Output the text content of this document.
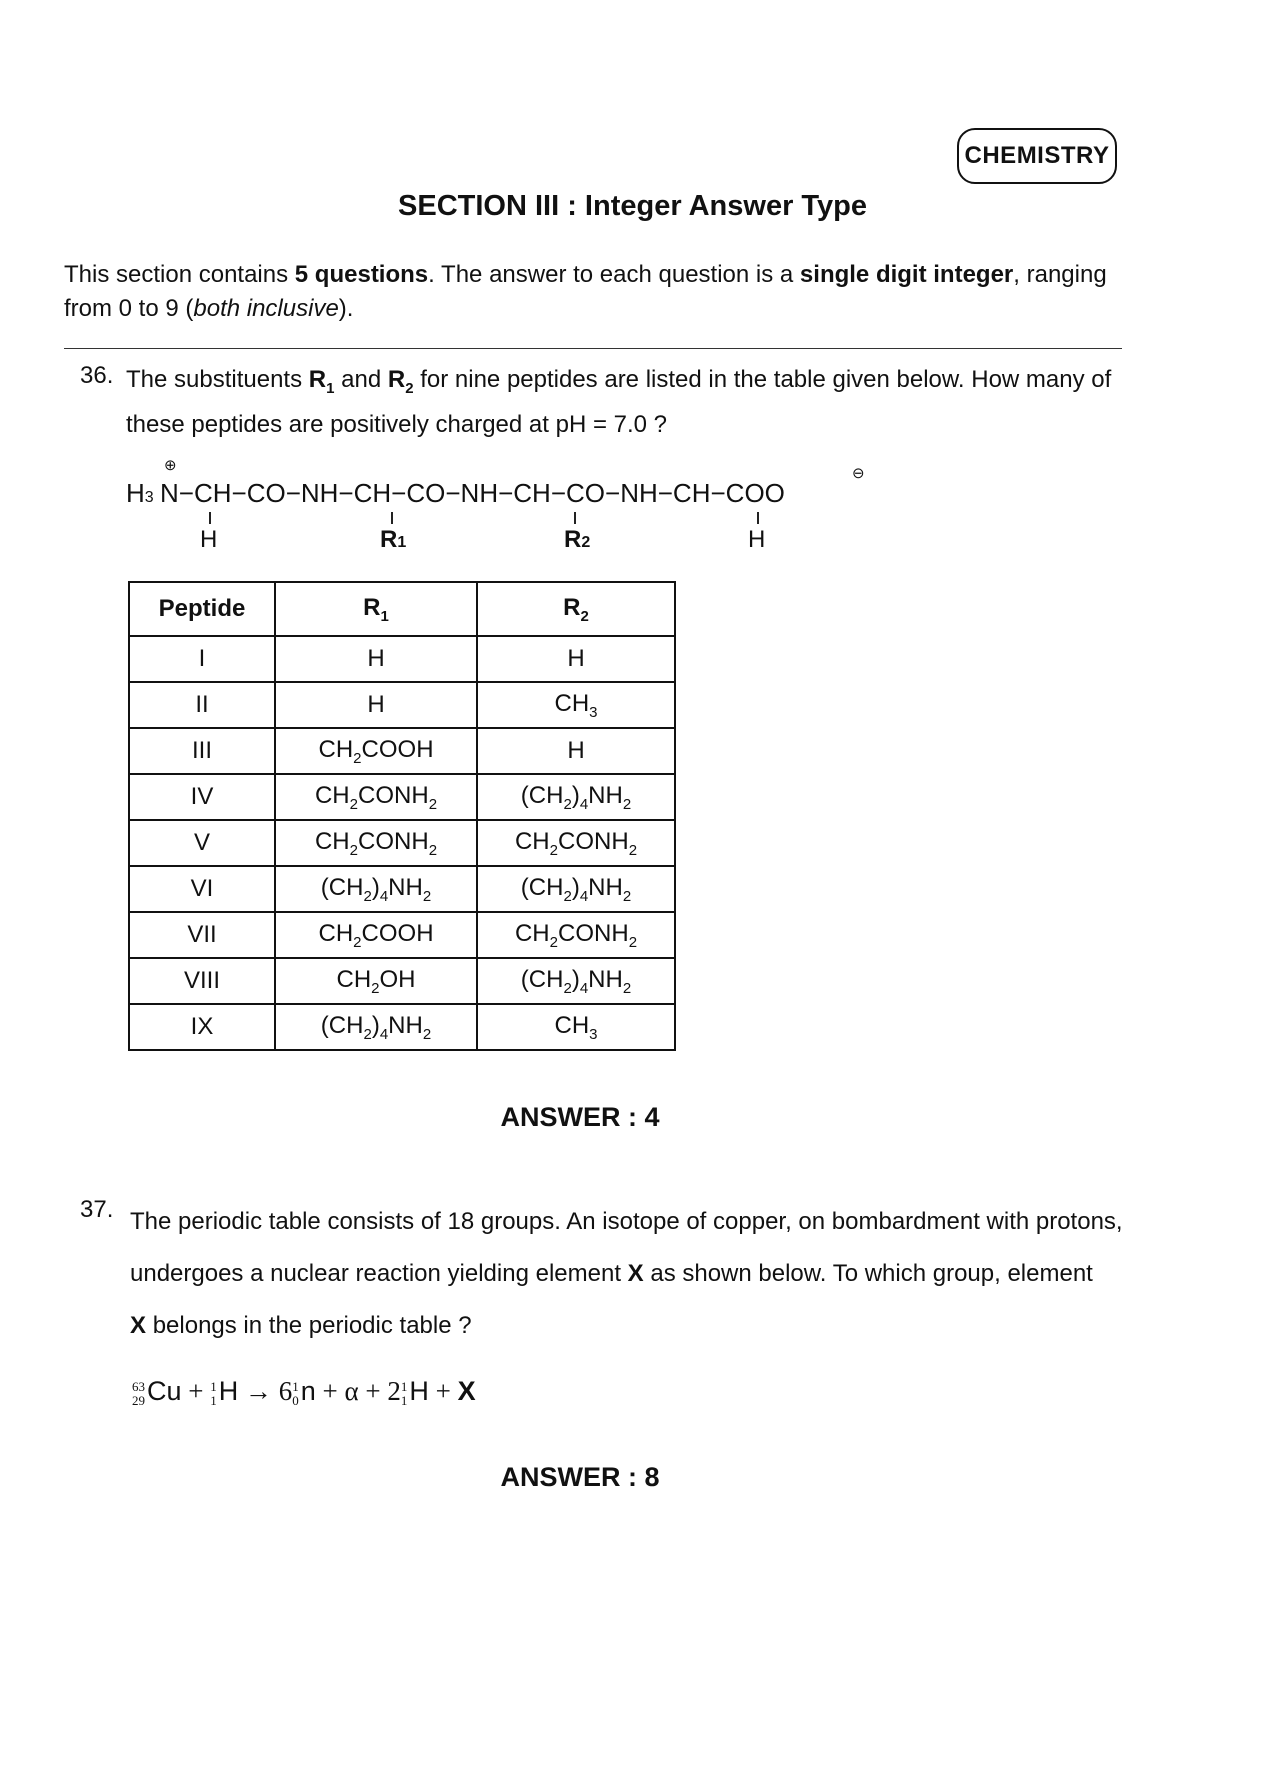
CHEMISTRY
SECTION III : Integer Answer Type
This section contains 5 questions. The answer to each question is a single digit integer, ranging from 0 to 9 (both inclusive).
36. The substituents $R_1$ and $R_2$ for nine peptides are listed in the table given below. How many of these peptides are positively charged at pH = 7.0 ?
⊕	⊖
H3 N−CH−CO−NH−CH−CO−NH−CH−CO−NH−CH−COO
H	R1	R2	H
Peptide	$R_1$	$R_2$
I	H	H
II	H	$CH_3$
III	$CH_2COOH$	H
IV	$CH_2CONH_2$	$(CH_2)_4NH_2$
V	$CH_2CONH_2$	$CH_2CONH_2$
VI	$(CH_2)_4NH_2$	$(CH_2)_4NH_2$
VII	$CH_2COOH$	$CH_2CONH_2$
VIII	$CH_2OH$	$(CH_2)_4NH_2$
IX	$(CH_2)_4NH_2$	$CH_3$
ANSWER : 4
37. The periodic table consists of 18 groups. An isotope of copper, on bombardment with protons, undergoes a nuclear reaction yielding element X as shown below. To which group, element
X belongs in the periodic table ?
63
29 Cu + 1
1 H → 6 1
0 n + α + 2 1
1 H + X
ANSWER : 8
